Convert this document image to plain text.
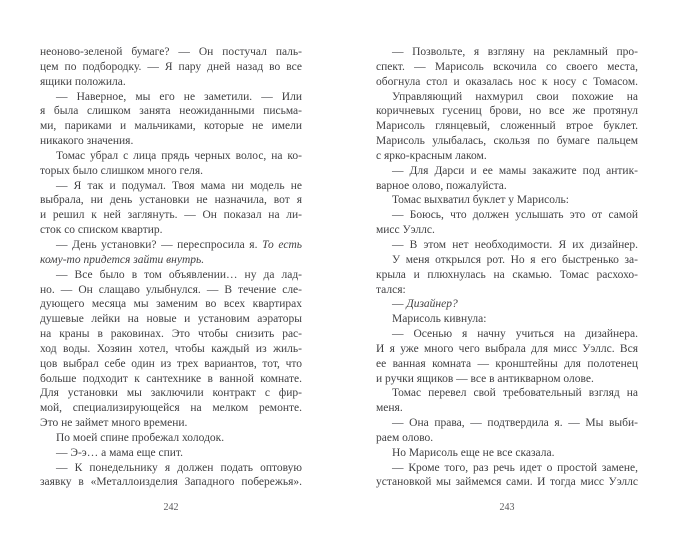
неоново-зеленой бумаге? — Он постучал паль-
цем по подбородку. — Я пару дней назад во все
ящики положила.
— Наверное, мы его не заметили. — Или
я была слишком занята неожиданными письма-
ми, париками и мальчиками, которые не имели
никакого значения.
Томас убрал с лица прядь черных волос, на ко-
торых было слишком много геля.
— Я так и подумал. Твоя мама ни модель не
выбрала, ни день установки не назначила, вот я
и решил к ней заглянуть. — Он показал на ли-
сток со списком квартир.
— День установки? — переспросила я. То есть
кому-то придется зайти внутрь.
— Все было в том объявлении… ну да лад-
но. — Он слащаво улыбнулся. — В течение сле-
дующего месяца мы заменим во всех квартирах
душевые лейки на новые и установим аэраторы
на краны в раковинах. Это чтобы снизить рас-
ход воды. Хозяин хотел, чтобы каждый из жиль-
цов выбрал себе один из трех вариантов, тот, что
больше подходит к сантехнике в ванной комнате.
Для установки мы заключили контракт с фир-
мой, специализирующейся на мелком ремонте.
Это не займет много времени.
По моей спине пробежал холодок.
— Э-э… а мама еще спит.
— К понедельнику я должен подать оптовую
заявку в «Металлоизделия Западного побережья».
— Позвольте, я взгляну на рекламный про-
спект. — Марисоль вскочила со своего места,
обогнула стол и оказалась нос к носу с Томасом.
Управляющий нахмурил свои похожие на
коричневых гусениц брови, но все же протянул
Марисоль глянцевый, сложенный втрое буклет.
Марисоль улыбалась, скользя по бумаге пальцем
с ярко-красным лаком.
— Для Дарси и ее мамы закажите под антик-
варное олово, пожалуйста.
Томас выхватил буклет у Марисоль:
— Боюсь, что должен услышать это от самой
мисс Уэллс.
— В этом нет необходимости. Я их дизайнер.
У меня открылся рот. Но я его быстренько за-
крыла и плюхнулась на скамью. Томас расхохо-
тался:
— Дизайнер?
Марисоль кивнула:
— Осенью я начну учиться на дизайнера.
И я уже много чего выбрала для мисс Уэллс. Вся
ее ванная комната — кронштейны для полотенец
и ручки ящиков — все в антикварном олове.
Томас перевел свой требовательный взгляд на
меня.
— Она права, — подтвердила я. — Мы выби-
раем олово.
Но Марисоль еще не все сказала.
— Кроме того, раз речь идет о простой замене,
установкой мы займемся сами. И тогда мисс Уэллс
242	243
